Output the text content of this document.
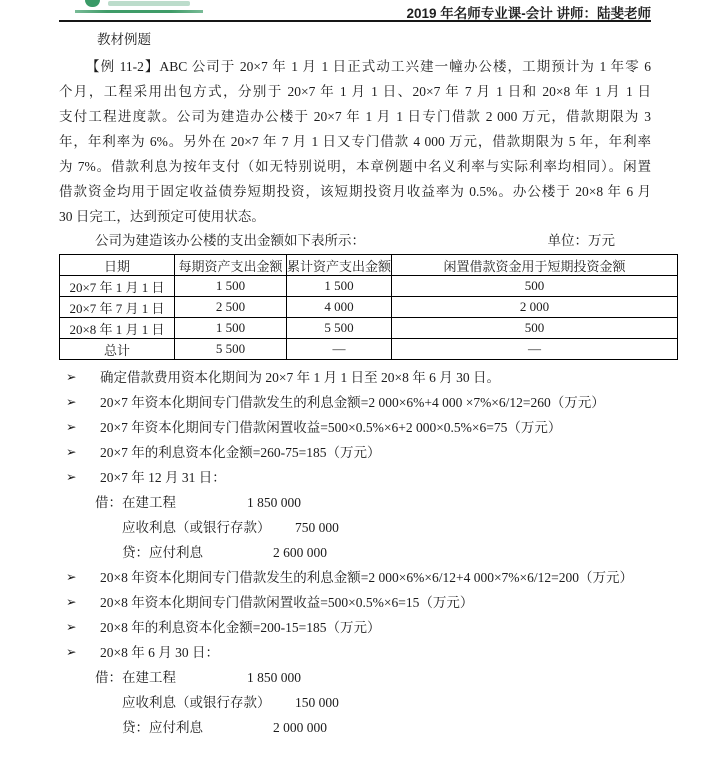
2019 年名师专业课-会计 讲师：陆斐老师
教材例题
【例 11-2】ABC 公司于 20×7 年 1 月 1 日正式动工兴建一幢办公楼，工期预计为 1 年零 6
个月，工程采用出包方式，分别于 20×7 年 1 月 1 日、20×7 年 7 月 1 日和 20×8 年 1 月 1 日
支付工程进度款。公司为建造办公楼于 20×7 年 1 月 1 日专门借款 2 000 万元，借款期限为 3
年，年利率为 6%。另外在 20×7 年 7 月 1 日又专门借款 4 000 万元，借款期限为 5 年，年利率
为 7%。借款利息为按年支付（如无特别说明，本章例题中名义利率与实际利率均相同）。闲置
借款资金均用于固定收益债券短期投资，该短期投资月收益率为 0.5%。办公楼于 20×8 年 6 月
30 日完工，达到预定可使用状态。
公司为建造该办公楼的支出金额如下表所示：	单位：万元
日期	每期资产支出金额	累计资产支出金额	闲置借款资金用于短期投资金额
20×7 年 1 月 1 日	1 500	1 500	500
20×7 年 7 月 1 日	2 500	4 000	2 000
20×8 年 1 月 1 日	1 500	5 500	500
总计	5 500	—	—
➢ 确定借款费用资本化期间为 20×7 年 1 月 1 日至 20×8 年 6 月 30 日。
➢ 20×7 年资本化期间专门借款发生的利息金额=2 000×6%+4 000 ×7%×6/12=260（万元）
➢ 20×7 年资本化期间专门借款闲置收益=500×0.5%×6+2 000×0.5%×6=75（万元）
➢ 20×7 年的利息资本化金额=260-75=185（万元）
➢ 20×7 年 12 月 31 日：
借：在建工程	1 850 000
应收利息（或银行存款）	750 000
贷：应付利息	2 600 000
➢ 20×8 年资本化期间专门借款发生的利息金额=2 000×6%×6/12+4 000×7%×6/12=200（万元）
➢ 20×8 年资本化期间专门借款闲置收益=500×0.5%×6=15（万元）
➢ 20×8 年的利息资本化金额=200-15=185（万元）
➢ 20×8 年 6 月 30 日：
借：在建工程	1 850 000
应收利息（或银行存款）	150 000
贷：应付利息	2 000 000
